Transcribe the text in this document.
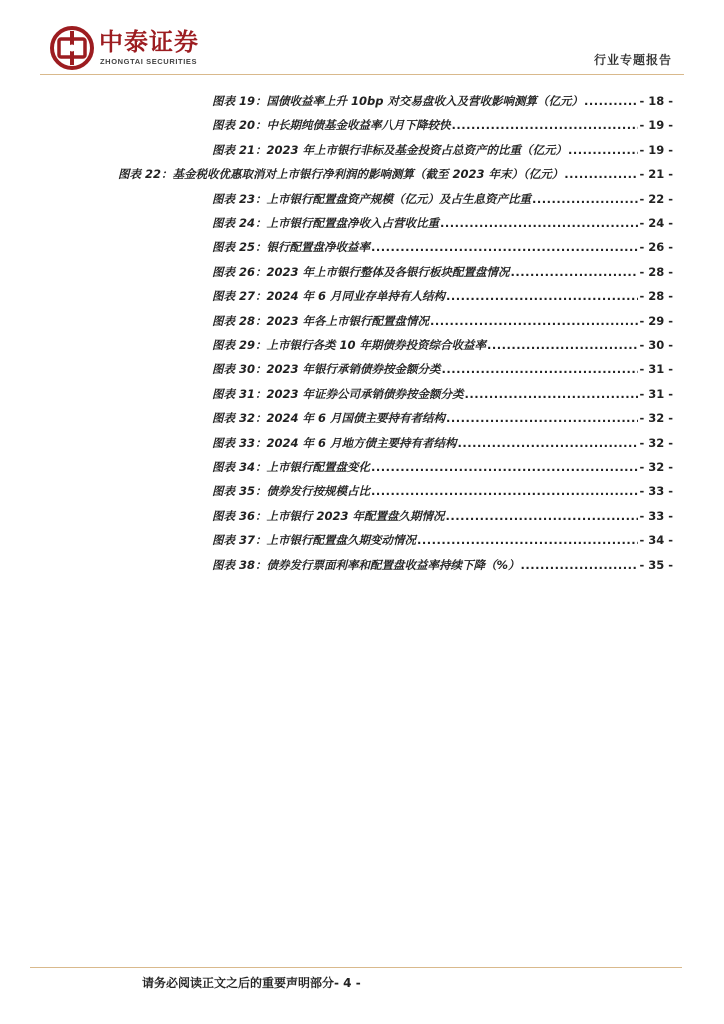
中泰证券
ZHONGTAI SECURITIES	行业专题报告
图表 19： 国债收益率上升 10bp 对交易盘收入及营收影响测算（亿元） .....	- 18 -
图表 20： 中长期纯债基金收益率八月下降较快 .....	- 19 -
图表 21： 2023 年上市银行非标及基金投资占总资产的比重（亿元） .....	- 19 -
图表 22： 基金税收优惠取消对上市银行净利润的影响测算（截至 2023 年末）（亿元） .....	- 21 -
图表 23： 上市银行配置盘资产规模（亿元）及占生息资产比重 .....	- 22 -
图表 24： 上市银行配置盘净收入占营收比重 .....	- 24 -
图表 25： 银行配置盘净收益率 .....	- 26 -
图表 26： 2023 年上市银行整体及各银行板块配置盘情况 .....	- 28 -
图表 27： 2024 年 6 月同业存单持有人结构 .....	- 28 -
图表 28： 2023 年各上市银行配置盘情况 .....	- 29 -
图表 29： 上市银行各类 10 年期债券投资综合收益率 .....	- 30 -
图表 30： 2023 年银行承销债券按金额分类 .....	- 31 -
图表 31： 2023 年证券公司承销债券按金额分类 .....	- 31 -
图表 32： 2024 年 6 月国债主要持有者结构 .....	- 32 -
图表 33： 2024 年 6 月地方债主要持有者结构 .....	- 32 -
图表 34： 上市银行配置盘变化 .....	- 32 -
图表 35： 债券发行按规模占比 .....	- 33 -
图表 36： 上市银行 2023 年配置盘久期情况 .....	- 33 -
图表 37： 上市银行配置盘久期变动情况 .....	- 34 -
图表 38： 债券发行票面利率和配置盘收益率持续下降（%） .....	- 35 -
请务必阅读正文之后的重要声明部分- 4 -
